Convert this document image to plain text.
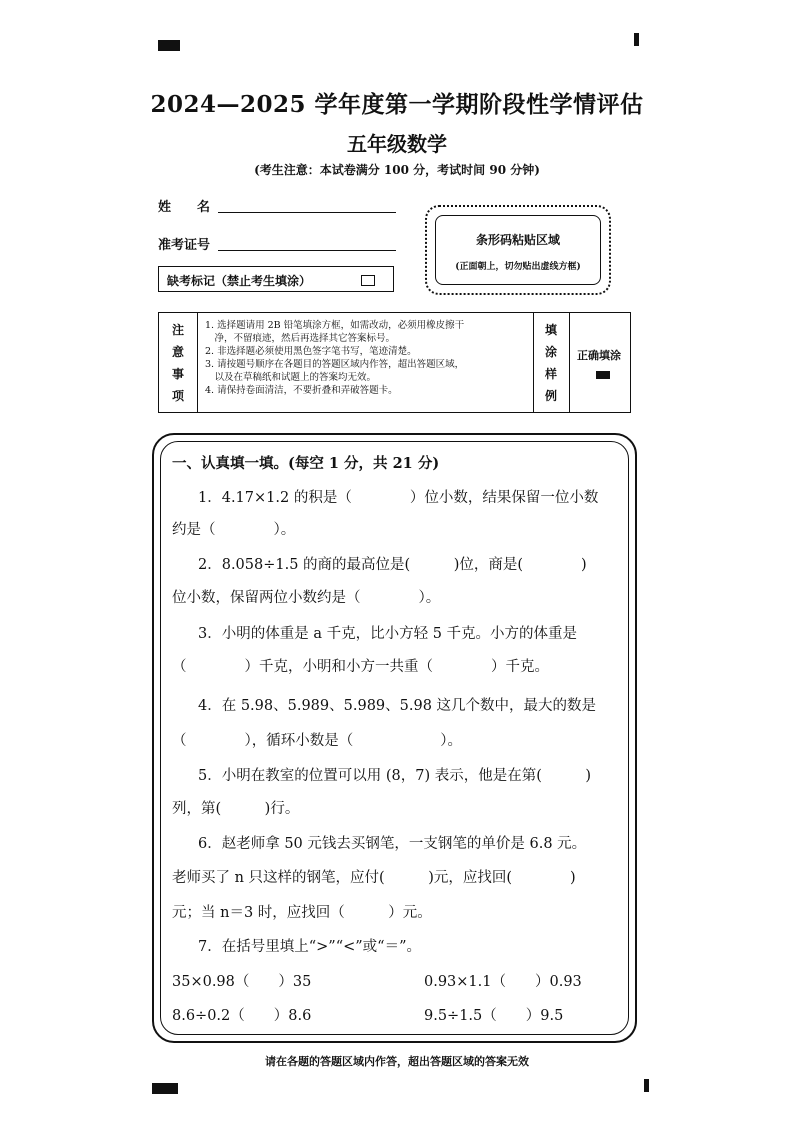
2024—2025 学年度第一学期阶段性学情评估
五年级数学
(考生注意：本试卷满分 100 分，考试时间 90 分钟)
姓　　名
准考证号
缺考标记（禁止考生填涂）
条形码粘贴区域
(正面朝上，切勿贴出虚线方框)
注
意
事
项
1. 选择题请用 2B 铅笔填涂方框，如需改动，必须用橡皮擦干
　净，不留痕迹，然后再选择其它答案标号。
2. 非选择题必须使用黑色签字笔书写，笔迹清楚。
3. 请按题号顺序在各题目的答题区域内作答，超出答题区域，
　以及在草稿纸和试题上的答案均无效。
4. 请保持卷面清洁，不要折叠和弄破答题卡。
填
涂
样
例
正确填涂
一、认真填一填。(每空 1 分，共 21 分)
1．4.17×1.2 的积是（　　　　）位小数，结果保留一位小数
约是（　　　　）。
2．8.058÷1.5 的商的最高位是(　　　)位，商是(　　　　)
位小数，保留两位小数约是（　　　　）。
3．小明的体重是 a 千克，比小方轻 5 千克。小方的体重是
（　　　　）千克，小明和小方一共重（　　　　）千克。
4．在 5.98、5.989、5.989、5.98 这几个数中，最大的数是
（　　　　），循环小数是（　　　　　　）。
5．小明在教室的位置可以用 (8，7) 表示，他是在第(　　　)
列，第(　　　)行。
6．赵老师拿 50 元钱去买钢笔，一支钢笔的单价是 6.8 元。
老师买了 n 只这样的钢笔，应付(　　　)元，应找回(　　　　)
元；当 n＝3 时，应找回（　　　）元。
7．在括号里填上“>”“<”或“＝”。
35×0.98（　　）35	0.93×1.1（　　）0.93
8.6÷0.2（　　）8.6	9.5÷1.5（　　）9.5
请在各题的答题区域内作答，超出答题区域的答案无效
